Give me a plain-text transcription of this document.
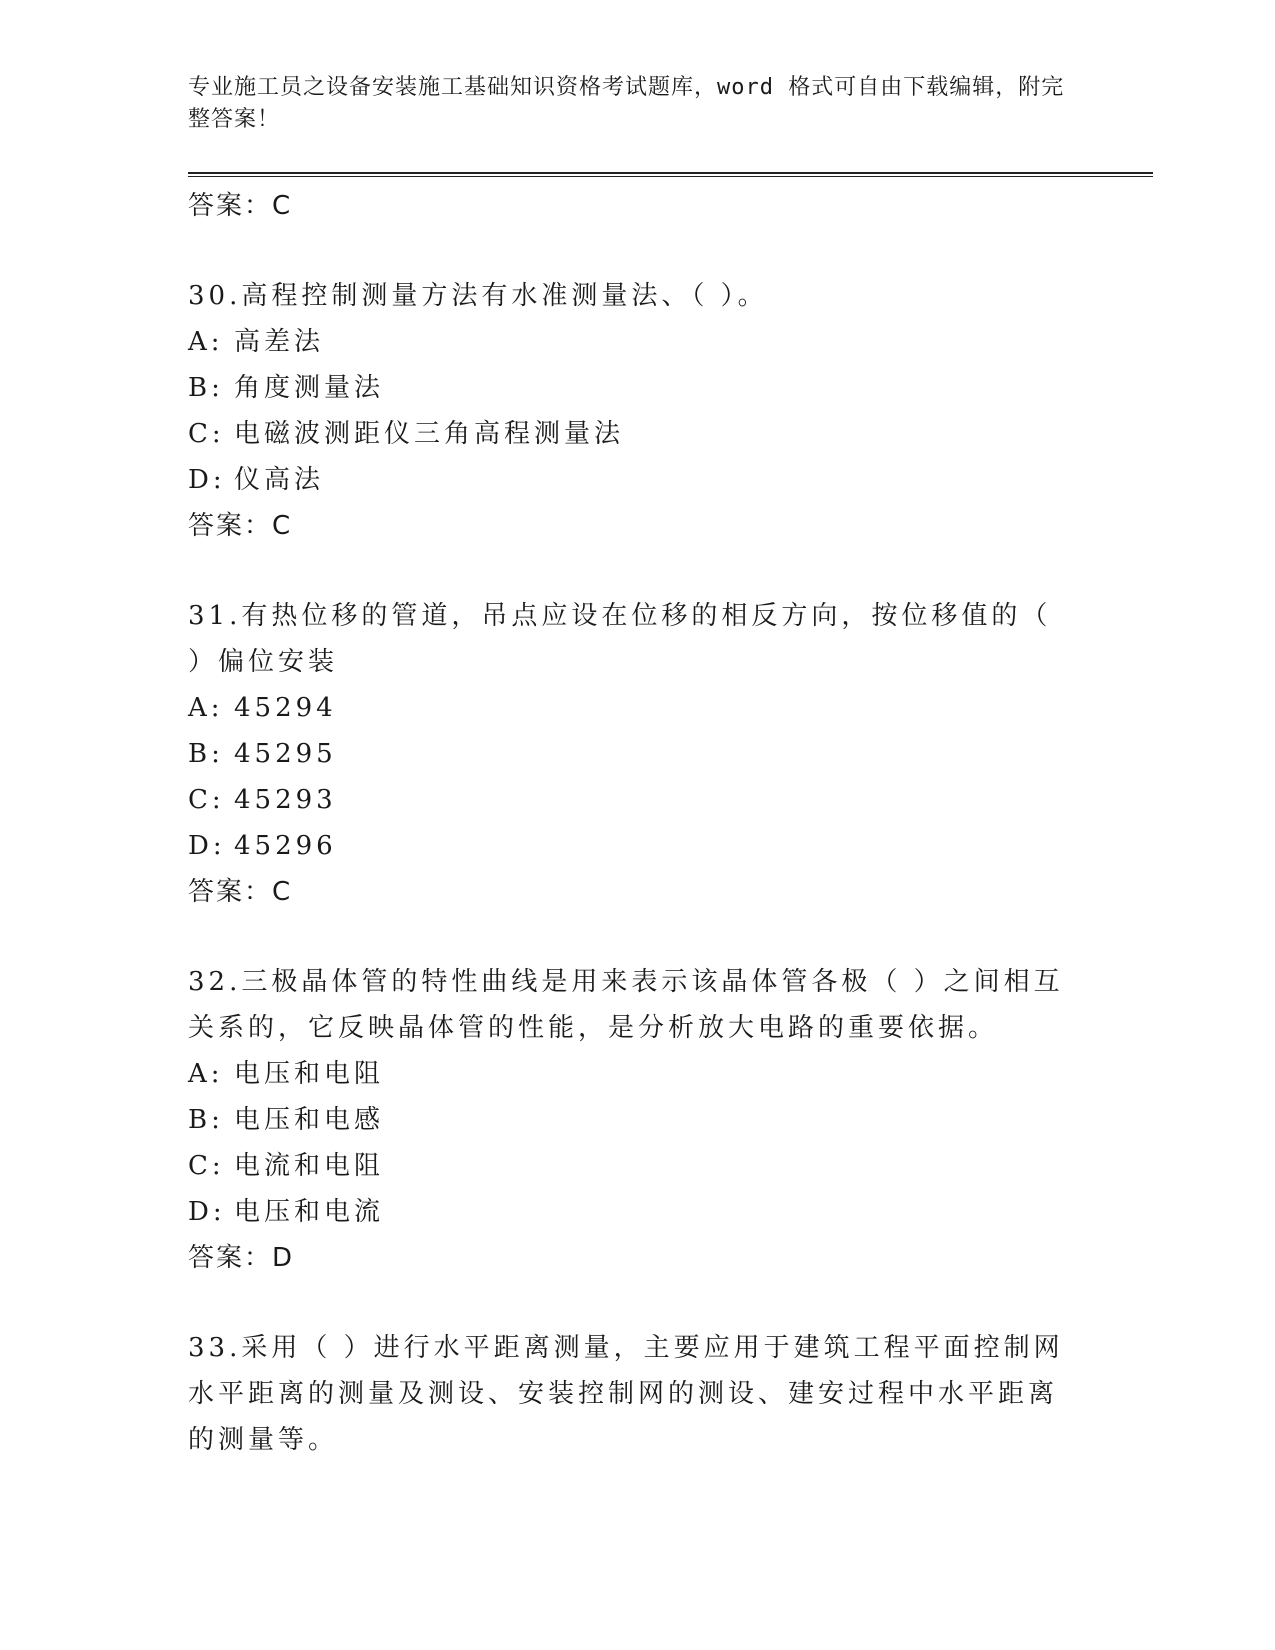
专业施工员之设备安装施工基础知识资格考试题库，word 格式可自由下载编辑，附完整答案！

答案：C

30.高程控制测量方法有水准测量法、（ ）。

A: 高差法

B: 角度测量法

C: 电磁波测距仪三角高程测量法

D: 仪高法

答案：C

31.有热位移的管道，吊点应设在位移的相反方向，按位移值的（ ）偏位安装

A: 45294

B: 45295

C: 45293

D: 45296

答案：C

32.三极晶体管的特性曲线是用来表示该晶体管各极（ ）之间相互关系的，它反映晶体管的性能，是分析放大电路的重要依据。

A: 电压和电阻

B: 电压和电感

C: 电流和电阻

D: 电压和电流

答案：D

33.采用（ ）进行水平距离测量，主要应用于建筑工程平面控制网水平距离的测量及测设、安装控制网的测设、建安过程中水平距离的测量等。
